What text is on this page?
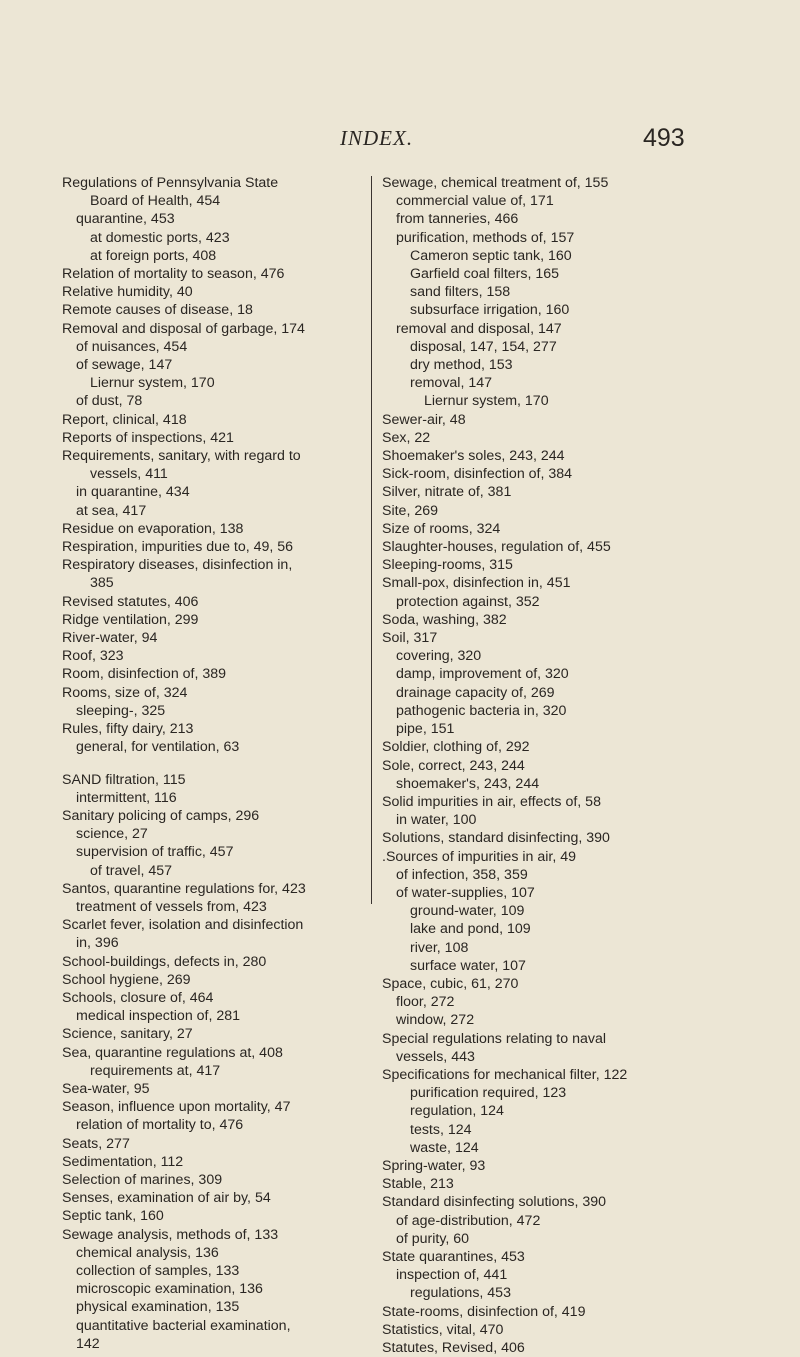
INDEX.	493
Regulations of Pennsylvania State
Board of Health, 454
quarantine, 453
at domestic ports, 423
at foreign ports, 408
Relation of mortality to season, 476
Relative humidity, 40
Remote causes of disease, 18
Removal and disposal of garbage, 174
of nuisances, 454
of sewage, 147
Liernur system, 170
of dust, 78
Report, clinical, 418
Reports of inspections, 421
Requirements, sanitary, with regard to
vessels, 411
in quarantine, 434
at sea, 417
Residue on evaporation, 138
Respiration, impurities due to, 49, 56
Respiratory diseases, disinfection in,
385
Revised statutes, 406
Ridge ventilation, 299
River-water, 94
Roof, 323
Room, disinfection of, 389
Rooms, size of, 324
sleeping-, 325
Rules, fifty dairy, 213
general, for ventilation, 63
SAND filtration, 115
intermittent, 116
Sanitary policing of camps, 296
science, 27
supervision of traffic, 457
of travel, 457
Santos, quarantine regulations for, 423
treatment of vessels from, 423
Scarlet fever, isolation and disinfection
in, 396
School-buildings, defects in, 280
School hygiene, 269
Schools, closure of, 464
medical inspection of, 281
Science, sanitary, 27
Sea, quarantine regulations at, 408
requirements at, 417
Sea-water, 95
Season, influence upon mortality, 47
relation of mortality to, 476
Seats, 277
Sedimentation, 112
Selection of marines, 309
Senses, examination of air by, 54
Septic tank, 160
Sewage analysis, methods of, 133
chemical analysis, 136
collection of samples, 133
microscopic examination, 136
physical examination, 135
quantitative bacterial examination,
142
Sewage, chemical treatment of, 155
commercial value of, 171
from tanneries, 466
purification, methods of, 157
Cameron septic tank, 160
Garfield coal filters, 165
sand filters, 158
subsurface irrigation, 160
removal and disposal, 147
disposal, 147, 154, 277
dry method, 153
removal, 147
Liernur system, 170
Sewer-air, 48
Sex, 22
Shoemaker's soles, 243, 244
Sick-room, disinfection of, 384
Silver, nitrate of, 381
Site, 269
Size of rooms, 324
Slaughter-houses, regulation of, 455
Sleeping-rooms, 315
Small-pox, disinfection in, 451
protection against, 352
Soda, washing, 382
Soil, 317
covering, 320
damp, improvement of, 320
drainage capacity of, 269
pathogenic bacteria in, 320
pipe, 151
Soldier, clothing of, 292
Sole, correct, 243, 244
shoemaker's, 243, 244
Solid impurities in air, effects of, 58
in water, 100
Solutions, standard disinfecting, 390
.Sources of impurities in air, 49
of infection, 358, 359
of water-supplies, 107
ground-water, 109
lake and pond, 109
river, 108
surface water, 107
Space, cubic, 61, 270
floor, 272
window, 272
Special regulations relating to naval
vessels, 443
Specifications for mechanical filter, 122
purification required, 123
regulation, 124
tests, 124
waste, 124
Spring-water, 93
Stable, 213
Standard disinfecting solutions, 390
of age-distribution, 472
of purity, 60
State quarantines, 453
inspection of, 441
regulations, 453
State-rooms, disinfection of, 419
Statistics, vital, 470
Statutes, Revised, 406
